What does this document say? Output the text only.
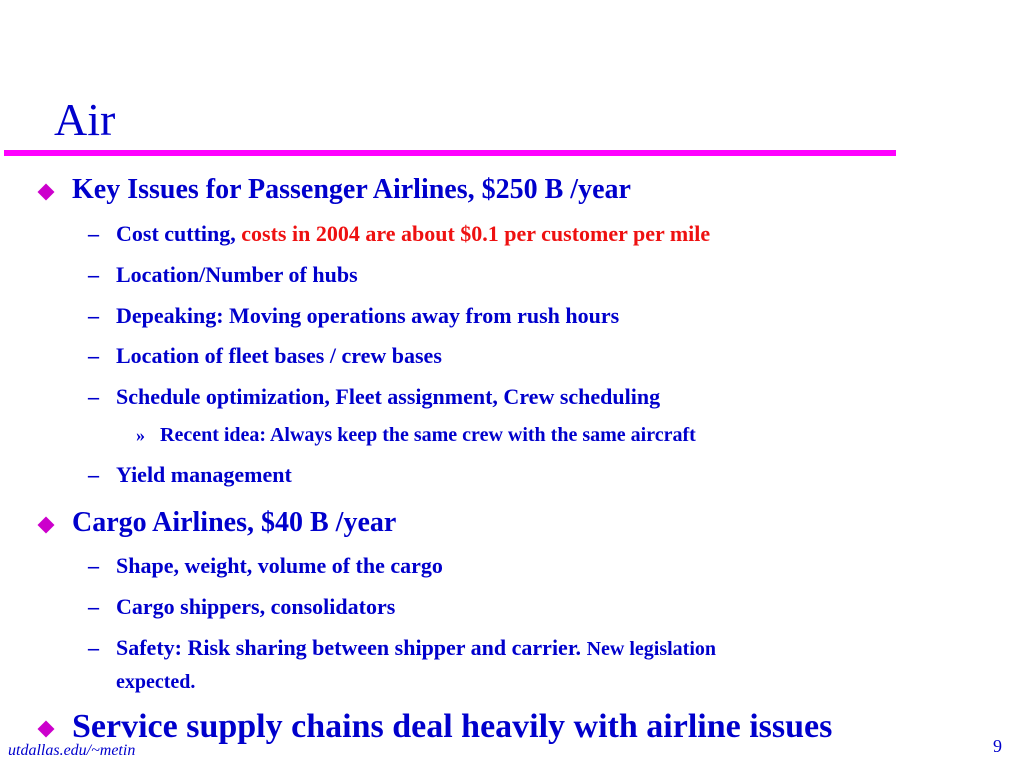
Air
Key Issues for Passenger Airlines, $250 B /year
– Cost cutting, costs in 2004 are about $0.1 per customer per mile
– Location/Number of hubs
– Depeaking: Moving operations away from rush hours
– Location of fleet bases / crew bases
– Schedule optimization, Fleet assignment, Crew scheduling
» Recent idea: Always keep the same crew with the same aircraft
– Yield management
Cargo Airlines, $40 B /year
– Shape, weight, volume of the cargo
– Cargo shippers, consolidators
– Safety: Risk sharing between shipper and carrier. New legislation
expected.
Service supply chains deal heavily with airline issues
utdallas.edu/~metin	9
